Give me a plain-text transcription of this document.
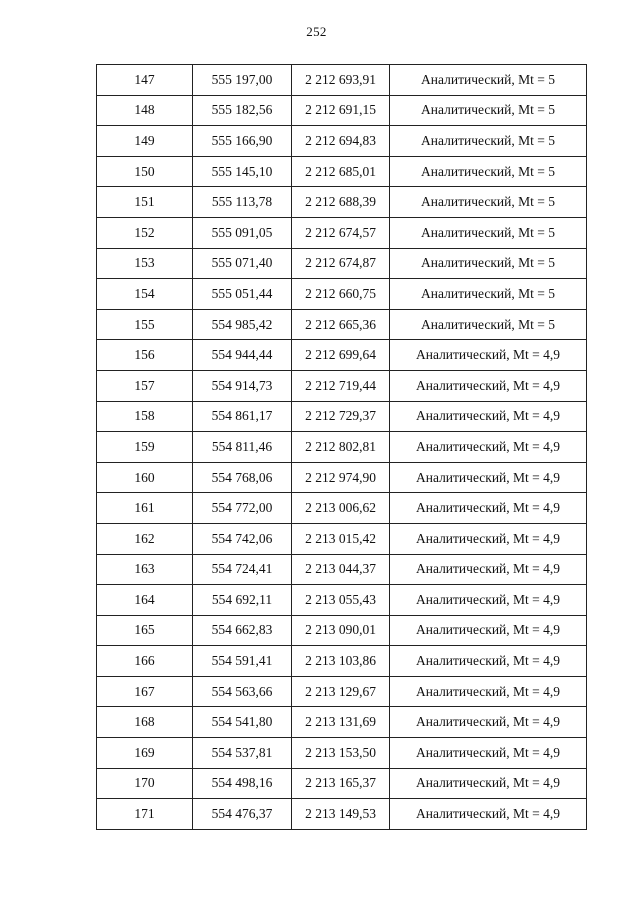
252
147	555 197,00	2 212 693,91	Аналитический, Mt = 5
148	555 182,56	2 212 691,15	Аналитический, Mt = 5
149	555 166,90	2 212 694,83	Аналитический, Mt = 5
150	555 145,10	2 212 685,01	Аналитический, Mt = 5
151	555 113,78	2 212 688,39	Аналитический, Mt = 5
152	555 091,05	2 212 674,57	Аналитический, Mt = 5
153	555 071,40	2 212 674,87	Аналитический, Mt = 5
154	555 051,44	2 212 660,75	Аналитический, Mt = 5
155	554 985,42	2 212 665,36	Аналитический, Mt = 5
156	554 944,44	2 212 699,64	Аналитический, Mt = 4,9
157	554 914,73	2 212 719,44	Аналитический, Mt = 4,9
158	554 861,17	2 212 729,37	Аналитический, Mt = 4,9
159	554 811,46	2 212 802,81	Аналитический, Mt = 4,9
160	554 768,06	2 212 974,90	Аналитический, Mt = 4,9
161	554 772,00	2 213 006,62	Аналитический, Mt = 4,9
162	554 742,06	2 213 015,42	Аналитический, Mt = 4,9
163	554 724,41	2 213 044,37	Аналитический, Mt = 4,9
164	554 692,11	2 213 055,43	Аналитический, Mt = 4,9
165	554 662,83	2 213 090,01	Аналитический, Mt = 4,9
166	554 591,41	2 213 103,86	Аналитический, Mt = 4,9
167	554 563,66	2 213 129,67	Аналитический, Mt = 4,9
168	554 541,80	2 213 131,69	Аналитический, Mt = 4,9
169	554 537,81	2 213 153,50	Аналитический, Mt = 4,9
170	554 498,16	2 213 165,37	Аналитический, Mt = 4,9
171	554 476,37	2 213 149,53	Аналитический, Mt = 4,9
